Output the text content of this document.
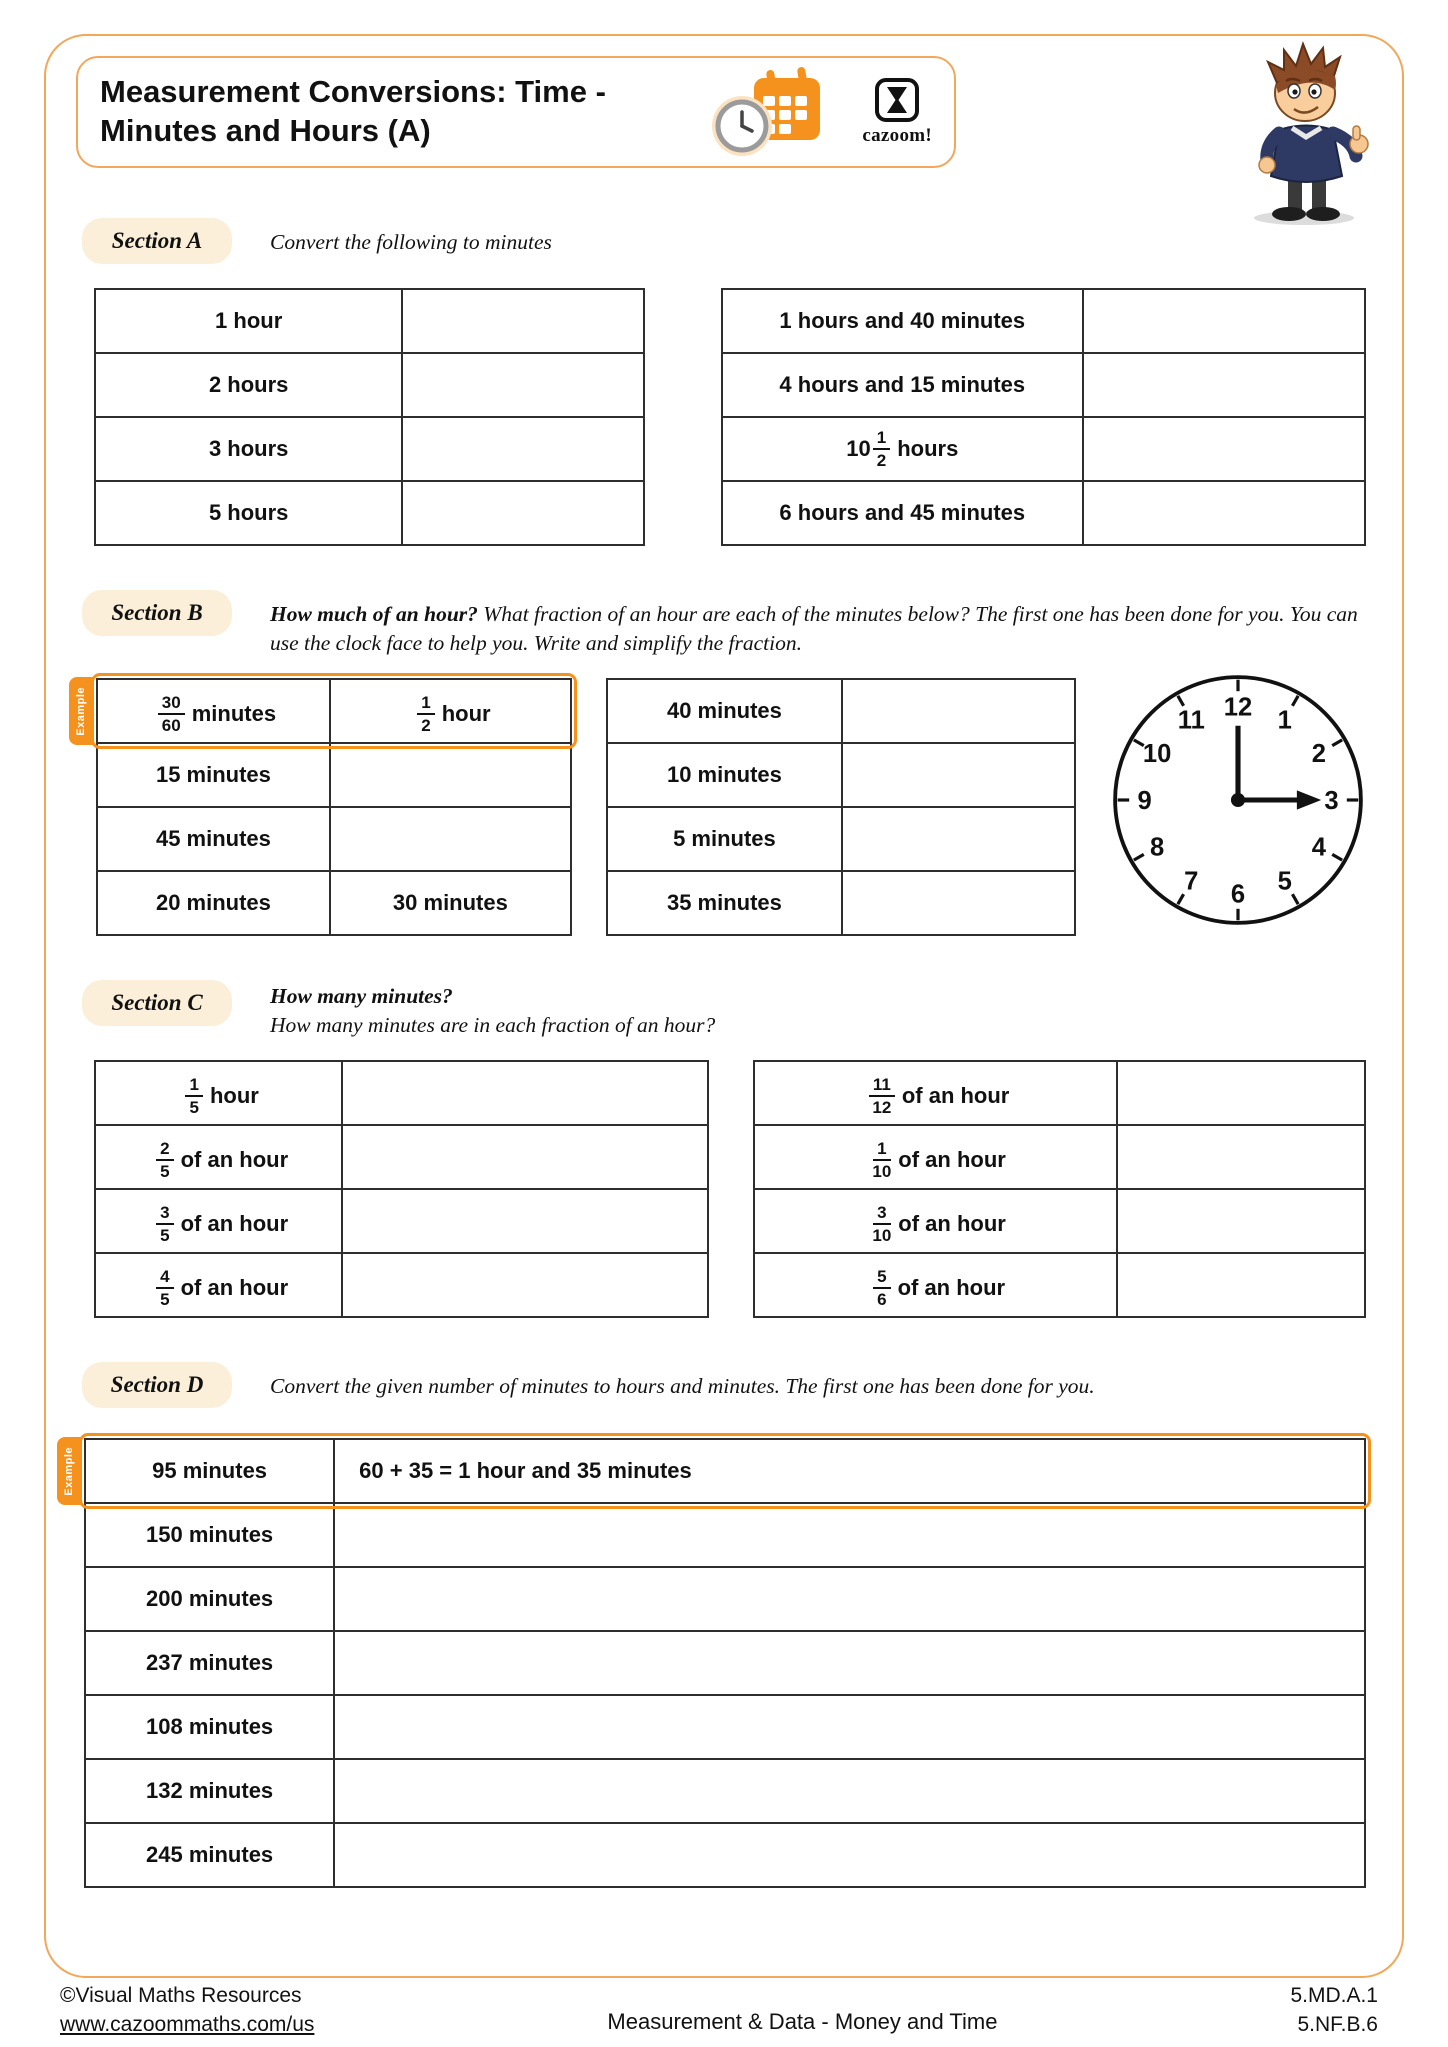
Measurement Conversions: Time -
Minutes and Hours (A)	cazoom!
Section A	Convert the following to minutes
1 hour	
2 hours	
3 hours	
5 hours	
1 hours and 40 minutes	
4 hours and 15 minutes	

$10 \frac{1}{2}$ hours	

6 hours and 45 minutes	
Section B	How much of an hour? What fraction of an hour are each of the minutes below? The first one has been done for you. You can use the clock face to help you. Write and simplify the fraction.
Example	$\frac{30}{60}$ minutes	$\frac{1}{2}$ hour

15 minutes	
45 minutes	
20 minutes	30 minutes
40 minutes	
10 minutes	
5 minutes	
35 minutes	
12 1
2
3
4
5
6
7
8
9
10
11
Section C	How many minutes?
How many minutes are in each fraction of an hour?
$\frac{1}{5}$ hour	

$\frac{2}{5}$ of an hour	

$\frac{3}{5}$ of an hour	

$\frac{4}{5}$ of an hour	

$\frac{11}{12}$ of an hour	

$\frac{1}{10}$ of an hour	

$\frac{3}{10}$ of an hour	

$\frac{5}{6}$ of an hour	

Section D	Convert the given number of minutes to hours and minutes. The first one has been done for you.
Example	95 minutes	60 + 35 = 1 hour and 35 minutes
150 minutes	
200 minutes	
237 minutes	
108 minutes	
132 minutes	
245 minutes	
©Visual Maths Resources
www.cazoommaths.com/us	Measurement & Data - Money and Time
5.MD.A.1
5.NF.B.6
